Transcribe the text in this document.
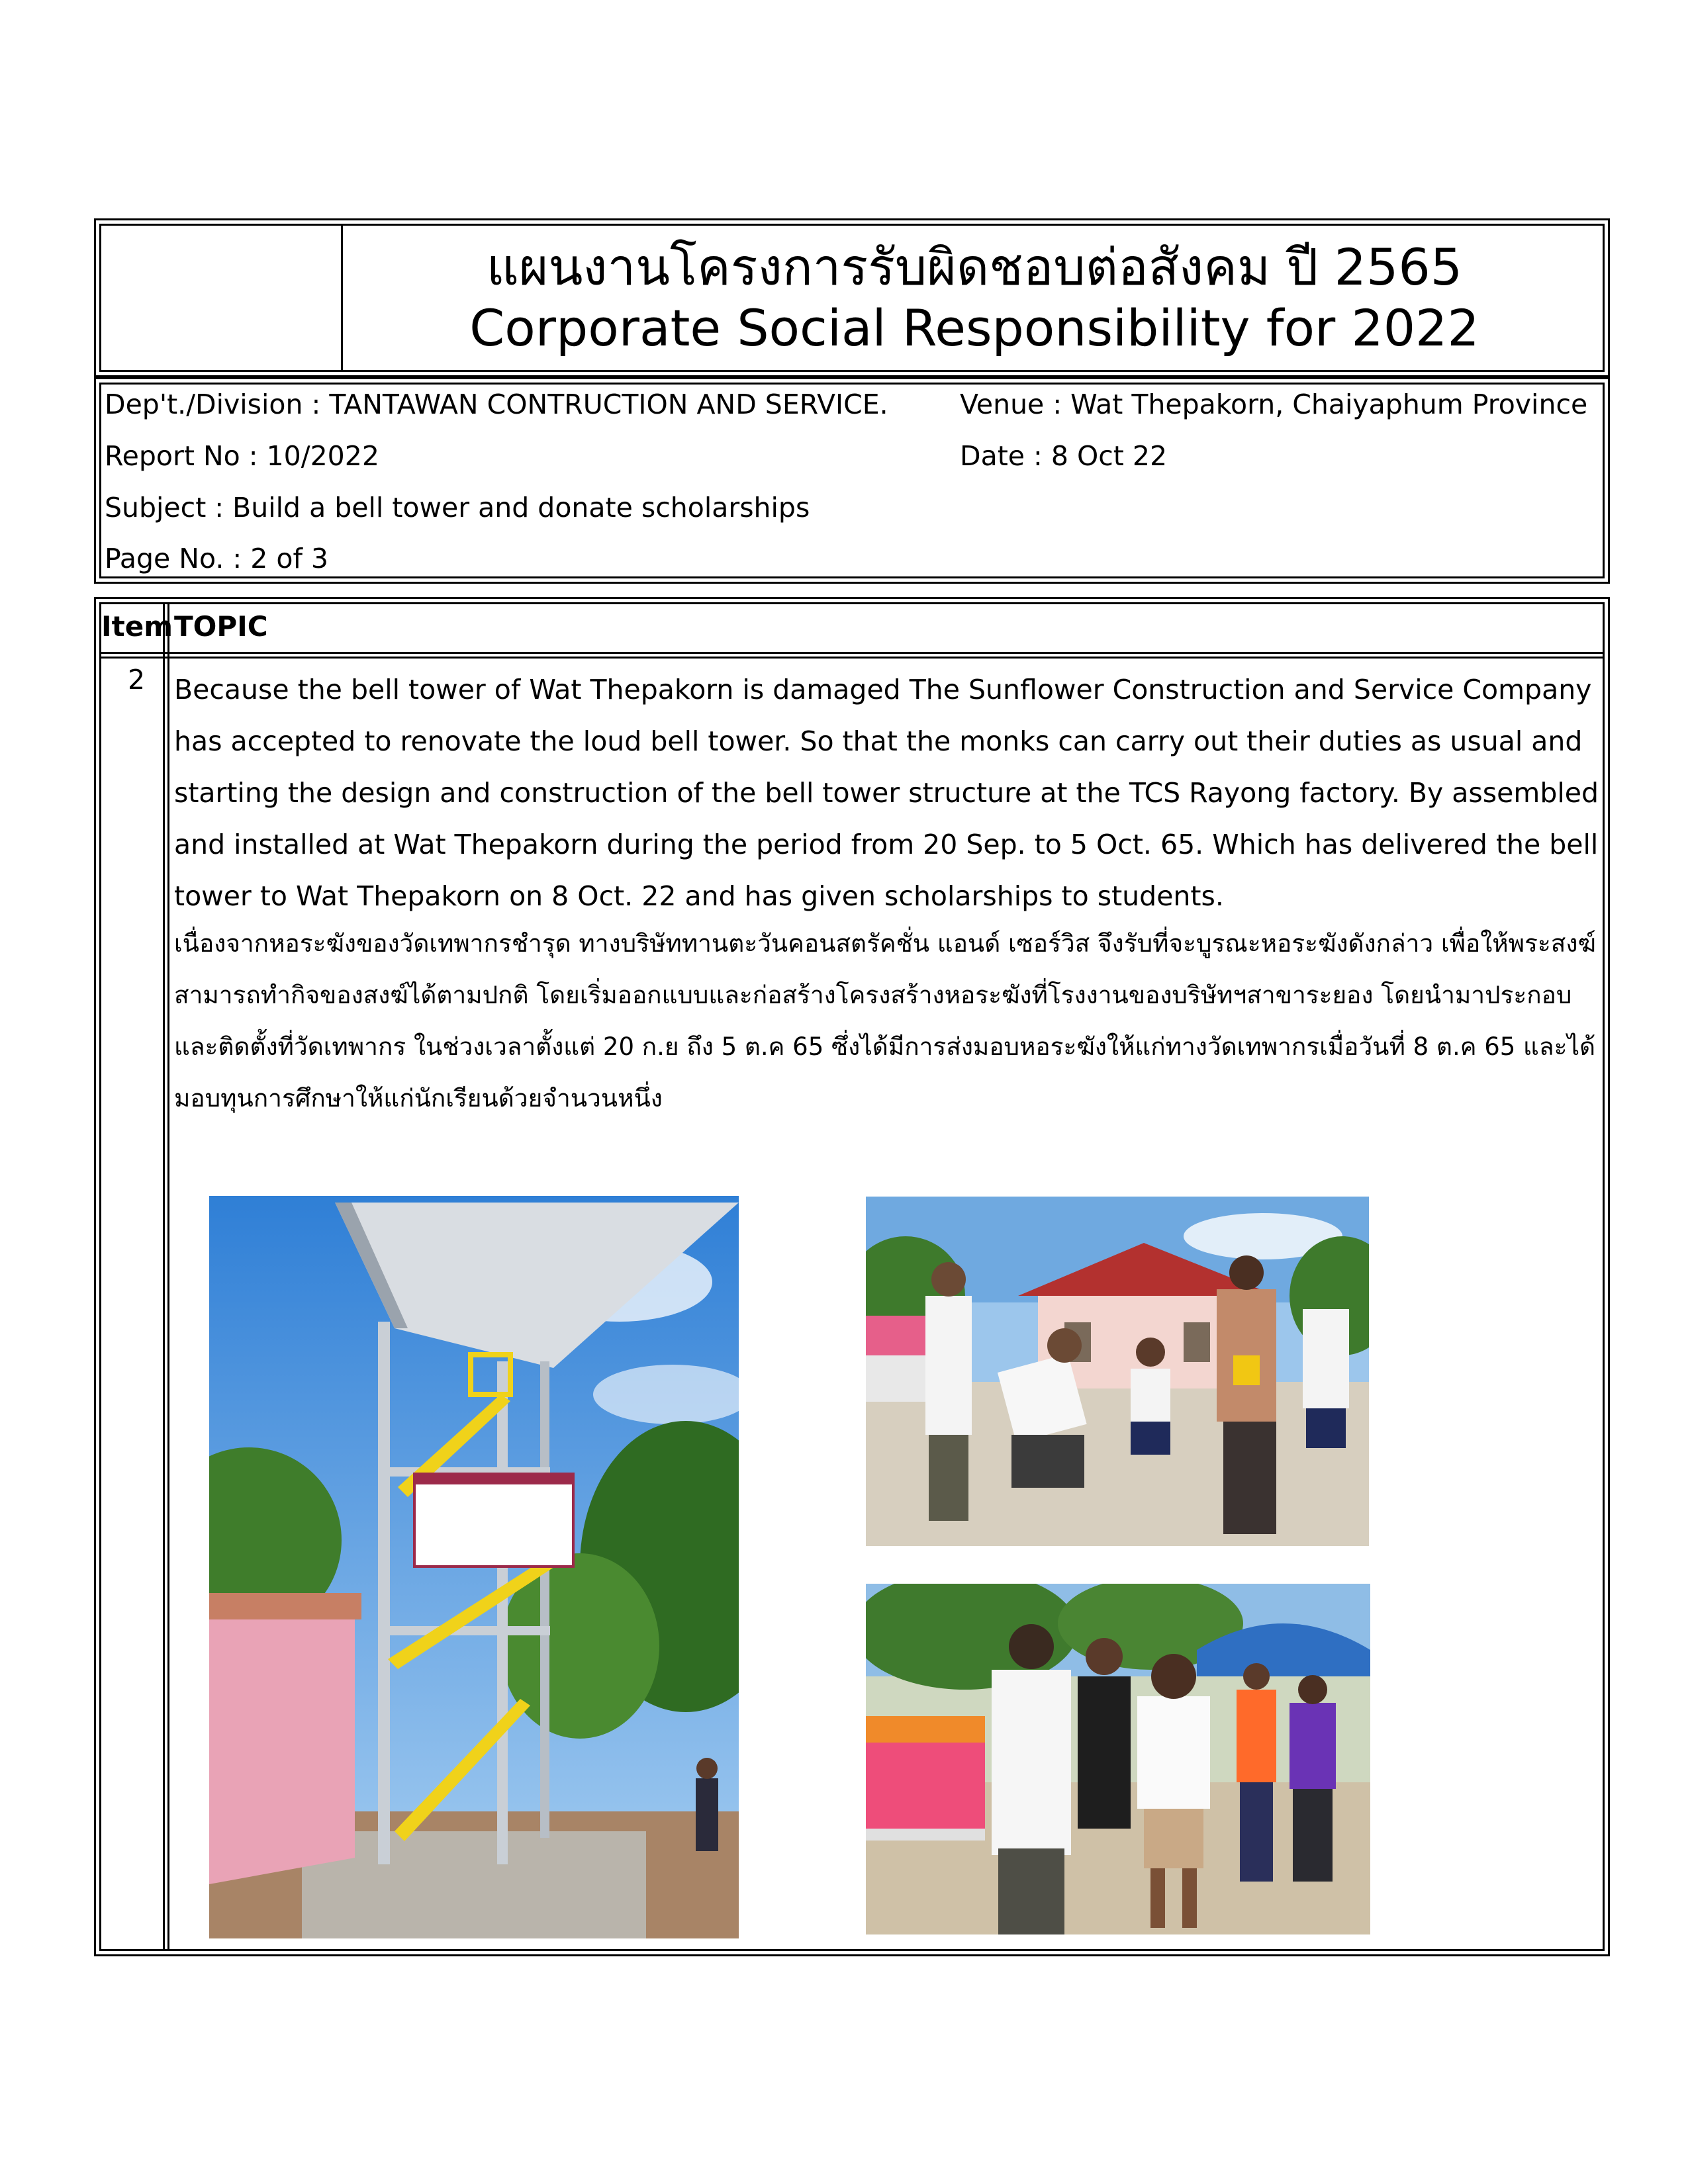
แผนงานโครงการรับผิดชอบต่อสังคม ปี 2565
Corporate Social Responsibility for 2022
Dep't./Division : TANTAWAN CONTRUCTION AND SERVICE.	Venue : Wat Thepakorn, Chaiyaphum Province
Report No : 10/2022	Date : 8 Oct 22
Subject : Build a bell tower and donate scholarships
Page No. : 2 of 3
Item TOPIC
2 Because the bell tower of Wat Thepakorn is damaged The Sunflower Construction and Service Company has accepted to renovate the loud bell tower. So that the monks can carry out their duties as usual and starting the design and construction of the bell tower structure at the TCS Rayong factory. By assembled and installed at Wat Thepakorn during the period from 20 Sep. to 5 Oct. 65. Which has delivered the bell tower to Wat Thepakorn on 8 Oct. 22 and has given scholarships to students.
เนื่องจากหอระฆังของวัดเทพากรชำรุด ทางบริษัททานตะวันคอนสตรัคชั่น แอนด์ เซอร์วิส จึงรับที่จะบูรณะหอระฆังดังกล่าว เพื่อให้พระสงฆ์สามารถทำกิจของสงฆ์ได้ตามปกติ โดยเริ่มออกแบบและก่อสร้างโครงสร้างหอระฆังที่โรงงานของบริษัทฯสาขาระยอง โดยนำมาประกอบและติดตั้งที่วัดเทพากร ในช่วงเวลาตั้งแต่ 20 ก.ย ถึง 5 ต.ค 65 ซึ่งได้มีการส่งมอบหอระฆังให้แก่ทางวัดเทพากรเมื่อวันที่ 8 ต.ค 65 และได้มอบทุนการศึกษาให้แก่นักเรียนด้วยจำนวนหนึ่ง
